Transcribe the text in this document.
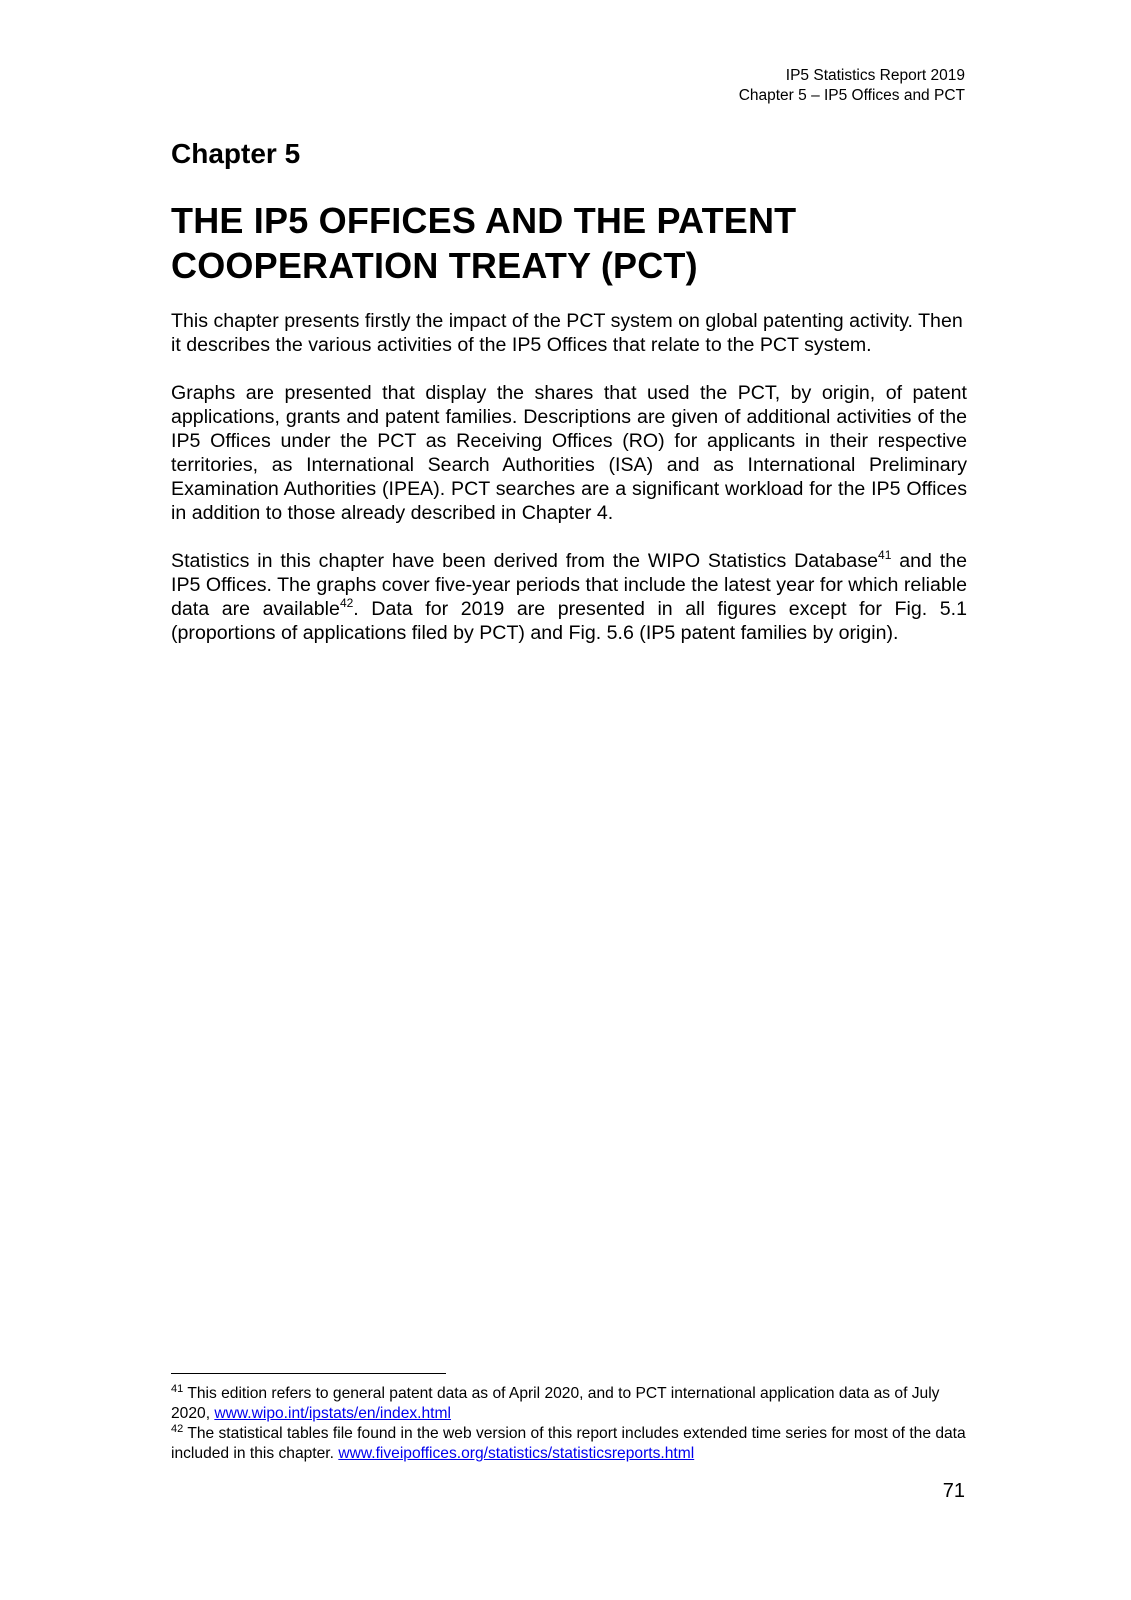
IP5 Statistics Report 2019
Chapter 5 – IP5 Offices and PCT
Chapter 5
THE IP5 OFFICES AND THE PATENT
COOPERATION TREATY (PCT)

This chapter presents firstly the impact of the PCT system on global patenting activity. Then it describes the various activities of the IP5 Offices that relate to the PCT system.

Graphs are presented that display the shares that used the PCT, by origin, of patent applications, grants and patent families. Descriptions are given of additional activities of the IP5 Offices under the PCT as Receiving Offices (RO) for applicants in their respective territories, as International Search Authorities (ISA) and as International Preliminary Examination Authorities (IPEA). PCT searches are a significant workload for the IP5 Offices in addition to those already described in Chapter 4.

Statistics in this chapter have been derived from the WIPO Statistics Database$^{41}$ and the IP5 Offices. The graphs cover five-year periods that include the latest year for which reliable data are available$^{42}$. Data for 2019 are presented in all figures except for Fig. 5.1 (proportions of applications filed by PCT) and Fig. 5.6 (IP5 patent families by origin).

$^{41}$ This edition refers to general patent data as of April 2020, and to PCT international application data as of July 2020, www.wipo.int/ipstats/en/index.html

$^{42}$ The statistical tables file found in the web version of this report includes extended time series for most of the data included in this chapter. www.fiveipoffices.org/statistics/statisticsreports.html

71
